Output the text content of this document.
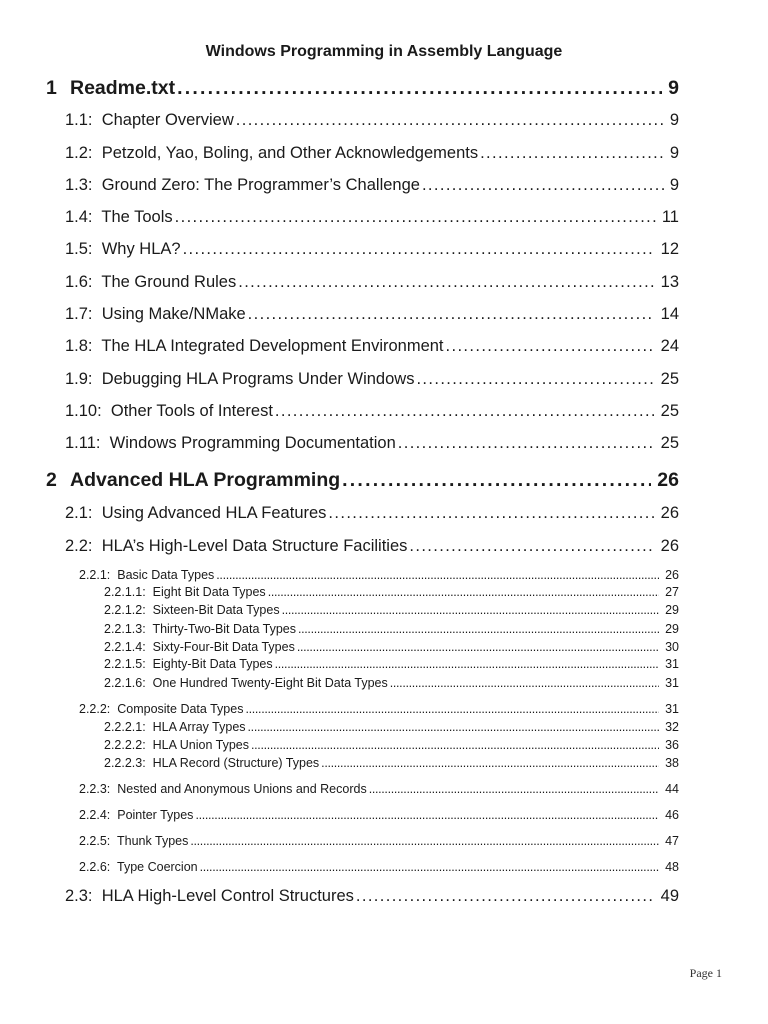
Windows Programming in Assembly Language
1 Readme.txt . . .	9
1.1: Chapter Overview . . .	9
1.2: Petzold, Yao, Boling, and Other Acknowledgements . . .	9
1.3: Ground Zero: The Programmer’s Challenge . . .	9
1.4: The Tools . . .	11
1.5: Why HLA? . . .	12
1.6: The Ground Rules . . .	13
1.7: Using Make/NMake . . .	14
1.8: The HLA Integrated Development Environment . . .	24
1.9: Debugging HLA Programs Under Windows . . .	25
1.10: Other Tools of Interest . . .	25
1.11: Windows Programming Documentation . . .	25
2 Advanced HLA Programming . . .	26
2.1: Using Advanced HLA Features . . .	26
2.2: HLA’s High-Level Data Structure Facilities . . .	26
2.2.1: Basic Data Types . . .	26
2.2.1.1: Eight Bit Data Types . . .	27
2.2.1.2: Sixteen-Bit Data Types . . .	29
2.2.1.3: Thirty-Two-Bit Data Types . . .	29
2.2.1.4: Sixty-Four-Bit Data Types . . .	30
2.2.1.5: Eighty-Bit Data Types . . .	31
2.2.1.6: One Hundred Twenty-Eight Bit Data Types . . .	31
2.2.2: Composite Data Types . . .	31
2.2.2.1: HLA Array Types . . .	32
2.2.2.2: HLA Union Types . . .	36
2.2.2.3: HLA Record (Structure) Types . . .	38
2.2.3: Nested and Anonymous Unions and Records . . .	44
2.2.4: Pointer Types . . .	46
2.2.5: Thunk Types . . .	47
2.2.6: Type Coercion . . .	48
2.3: HLA High-Level Control Structures . . .	49
Page 1
